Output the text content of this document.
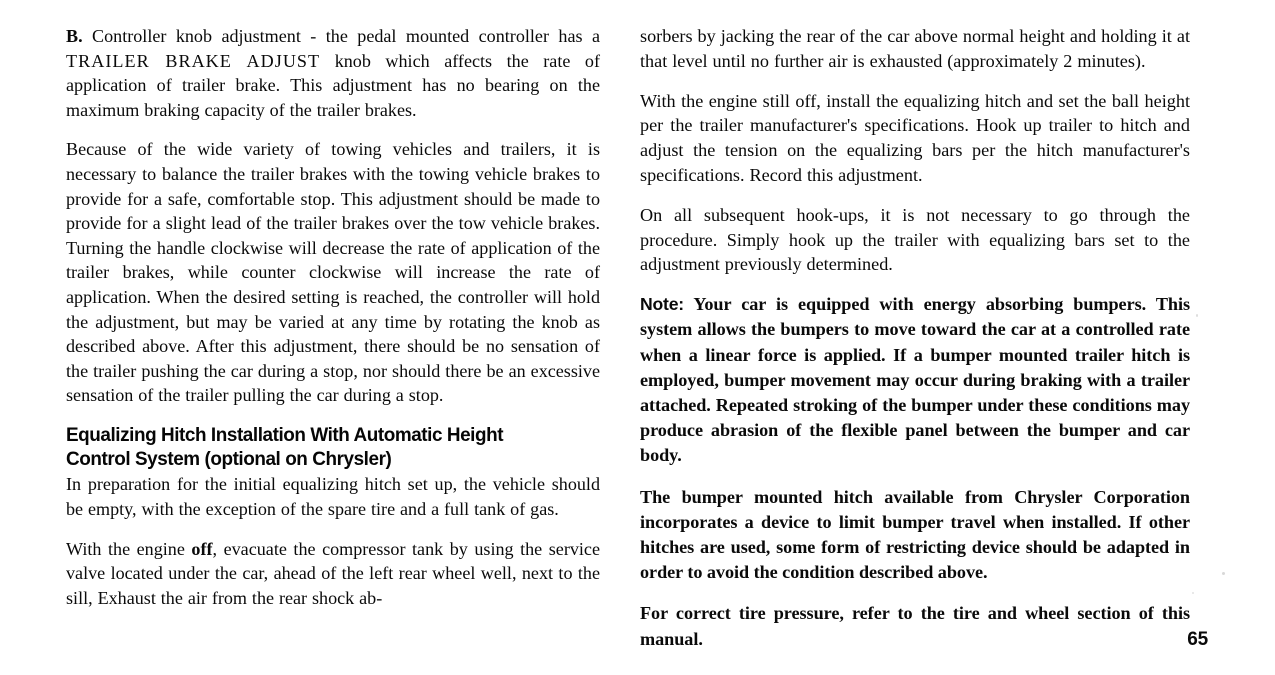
B. Controller knob adjustment - the pedal mounted controller has a TRAILER BRAKE ADJUST knob which affects the rate of application of trailer brake. This adjustment has no bearing on the maximum braking capacity of the trailer brakes.

Because of the wide variety of towing vehicles and trailers, it is necessary to balance the trailer brakes with the towing vehicle brakes to provide for a safe, comfortable stop. This adjustment should be made to provide for a slight lead of the trailer brakes over the tow vehicle brakes. Turning the handle clockwise will decrease the rate of application of the trailer brakes, while counter clockwise will increase the rate of application. When the desired setting is reached, the controller will hold the adjustment, but may be varied at any time by rotating the knob as described above. After this adjustment, there should be no sensation of the trailer pushing the car during a stop, nor should there be an excessive sensation of the trailer pulling the car during a stop.

Equalizing Hitch Installation With Automatic Height
Control System (optional on Chrysler)

In preparation for the initial equalizing hitch set up, the vehicle should be empty, with the exception of the spare tire and a full tank of gas.

With the engine off, evacuate the compressor tank by using the service valve located under the car, ahead of the left rear wheel well, next to the sill, Exhaust the air from the rear shock ab-

sorbers by jacking the rear of the car above normal height and holding it at that level until no further air is exhausted (approximately 2 minutes).

With the engine still off, install the equalizing hitch and set the ball height per the trailer manufacturer's specifications. Hook up trailer to hitch and adjust the tension on the equalizing bars per the hitch manufacturer's specifications. Record this adjustment.

On all subsequent hook-ups, it is not necessary to go through the procedure. Simply hook up the trailer with equalizing bars set to the adjustment previously determined.

Note: Your car is equipped with energy absorbing bumpers. This system allows the bumpers to move toward the car at a controlled rate when a linear force is applied. If a bumper mounted trailer hitch is employed, bumper movement may occur during braking with a trailer attached. Repeated stroking of the bumper under these conditions may produce abrasion of the flexible panel between the bumper and car body.

The bumper mounted hitch available from Chrysler Corporation incorporates a device to limit bumper travel when installed. If other hitches are used, some form of restricting device should be adapted in order to avoid the condition described above.

For correct tire pressure, refer to the tire and wheel section of this manual.	65
